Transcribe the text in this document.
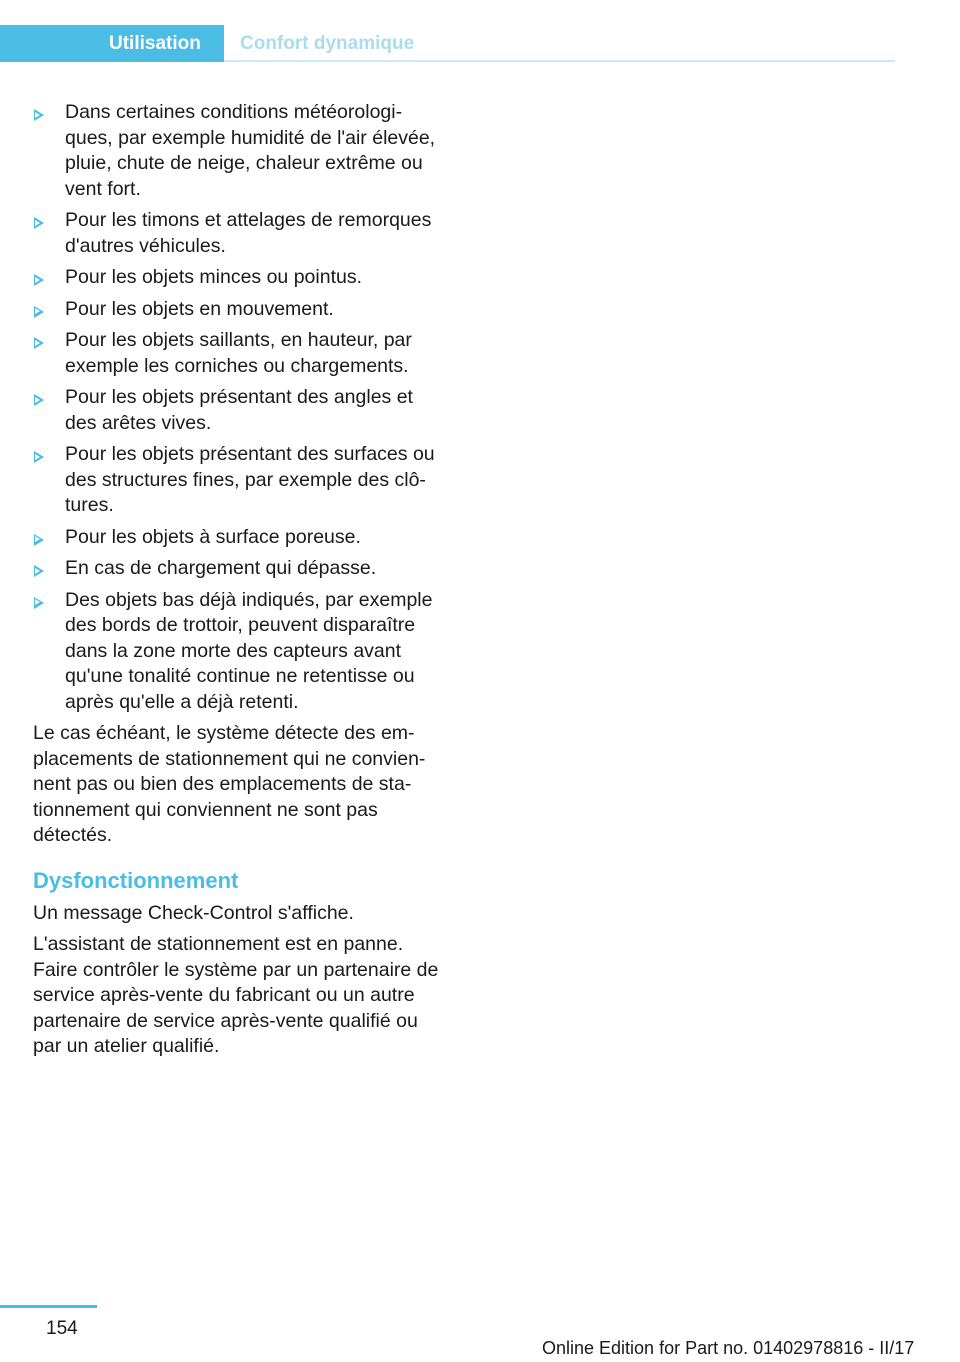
Utilisation	Confort dynamique
Dans certaines conditions météorologi-ques, par exemple humidité de l'air élevée, pluie, chute de neige, chaleur extrême ou vent fort.
Pour les timons et attelages de remorques d'autres véhicules.
Pour les objets minces ou pointus.
Pour les objets en mouvement.
Pour les objets saillants, en hauteur, par exemple les corniches ou chargements.
Pour les objets présentant des angles et des arêtes vives.
Pour les objets présentant des surfaces ou des structures fines, par exemple des clô-tures.
Pour les objets à surface poreuse.
En cas de chargement qui dépasse.
Des objets bas déjà indiqués, par exemple des bords de trottoir, peuvent disparaître dans la zone morte des capteurs avant qu'une tonalité continue ne retentisse ou après qu'elle a déjà retenti.

Le cas échéant, le système détecte des em-placements de stationnement qui ne convien-nent pas ou bien des emplacements de sta-tionnement qui conviennent ne sont pas détectés.

Dysfonctionnement

Un message Check-Control s'affiche.

L'assistant de stationnement est en panne. Faire contrôler le système par un partenaire de service après-vente du fabricant ou un autre partenaire de service après-vente qualifié ou par un atelier qualifié.

154
Online Edition for Part no. 01402978816 - II/17
